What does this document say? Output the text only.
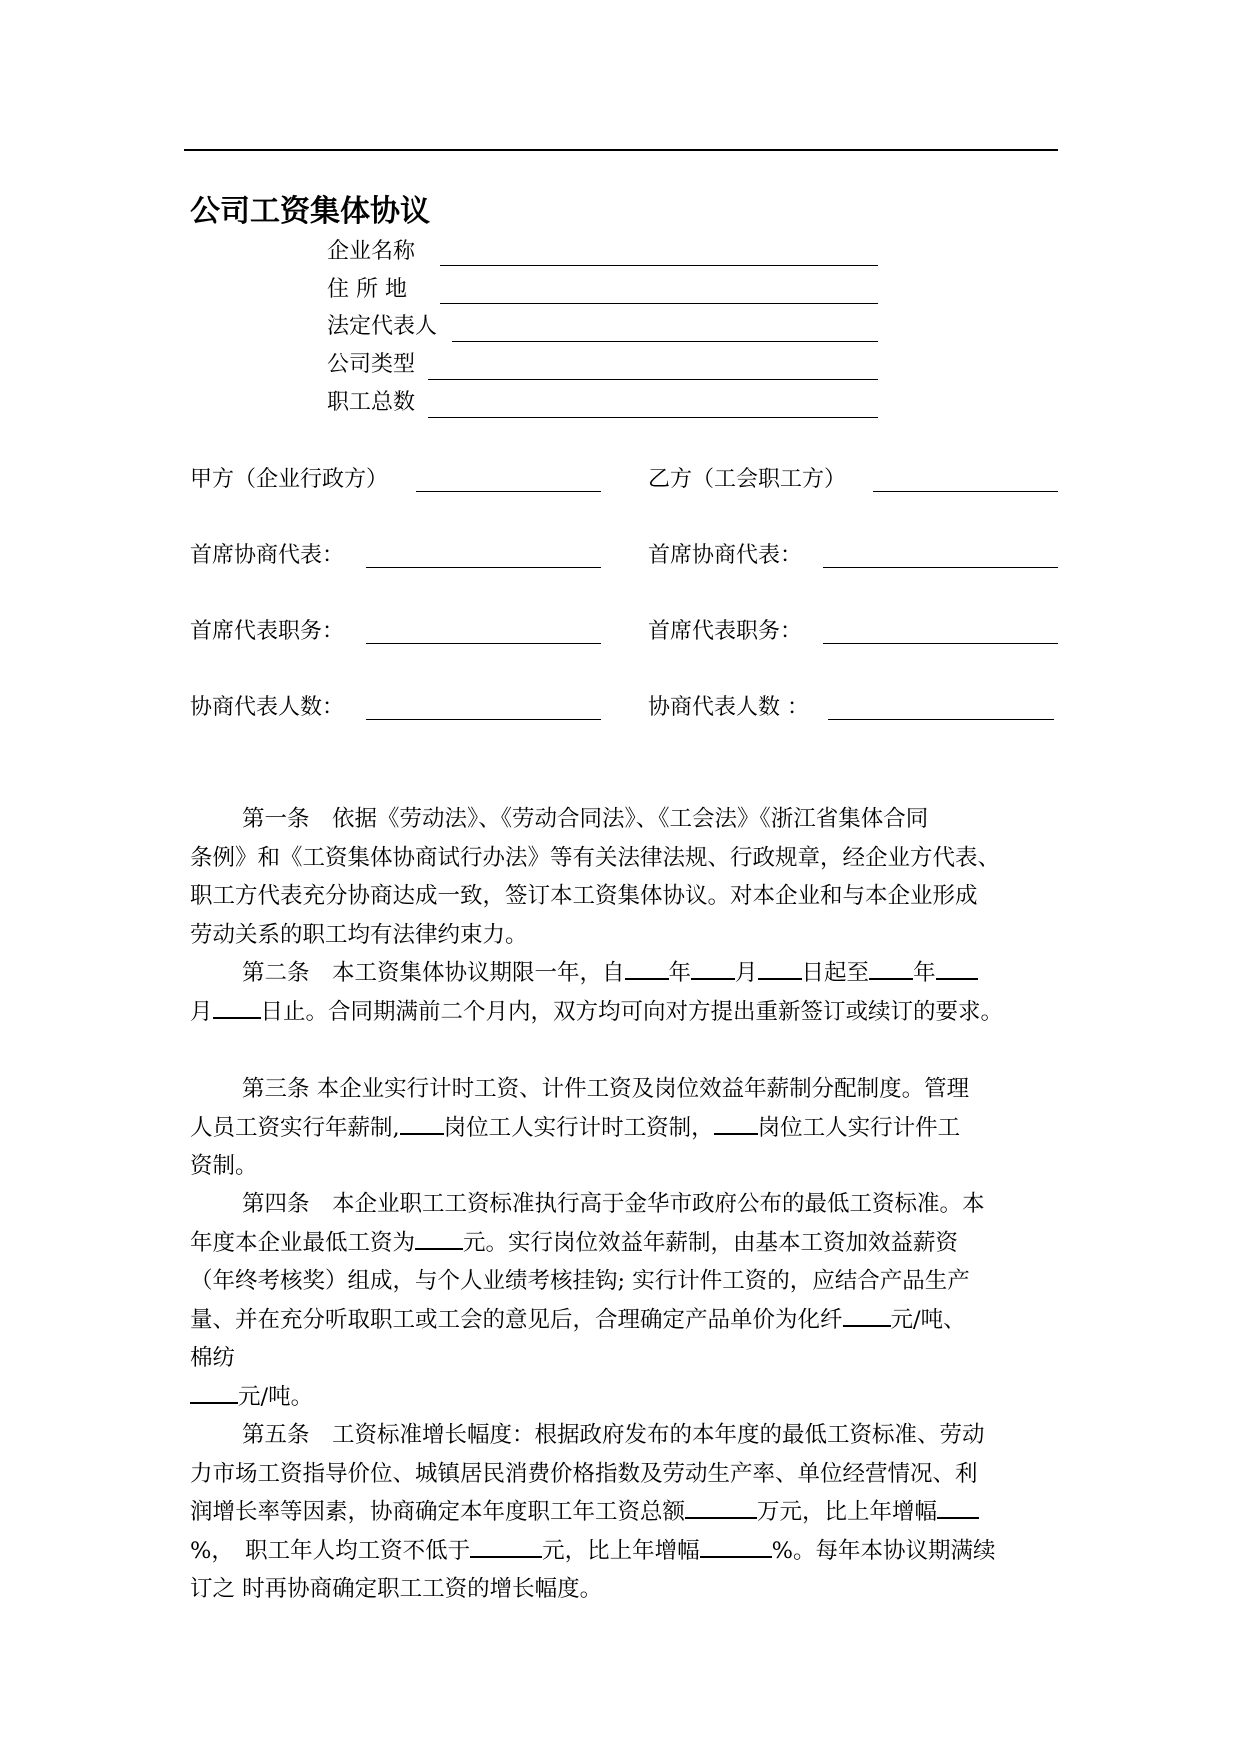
公司工资集体协议
企业名称
住 所 地
法定代表人
公司类型
职工总数
甲方（企业行政方）	乙方（工会职工方）
首席协商代表：	首席协商代表：
首席代表职务：	首席代表职务：
协商代表人数：	协商代表人数 ：
第一条　依据《劳动法》、《劳动合同法》、《工会法》《浙江省集体合同
条例》和《工资集体协商试行办法》等有关法律法规、行政规章，经企业方代表、
职工方代表充分协商达成一致，签订本工资集体协议。对本企业和与本企业形成
劳动关系的职工均有法律约束力。
第二条　本工资集体协议期限一年，自 年 月 日起至 年
月 日止。合同期满前二个月内，双方均可向对方提出重新签订或续订的要求。
第三条 本企业实行计时工资、计件工资及岗位效益年薪制分配制度。管理
人员工资实行年薪制, 岗位工人实行计时工资制， 岗位工人实行计件工
资制。
第四条　本企业职工工资标准执行高于金华市政府公布的最低工资标准。本
年度本企业最低工资为 元。实行岗位效益年薪制，由基本工资加效益薪资
（年终考核奖）组成，与个人业绩考核挂钩; 实行计件工资的，应结合产品生产
量、并在充分听取职工或工会的意见后，合理确定产品单价为化纤 元/吨、
棉纺
元/吨。
第五条　工资标准增长幅度：根据政府发布的本年度的最低工资标准、劳动
力市场工资指导价位、城镇居民消费价格指数及劳动生产率、单位经营情况、利
润增长率等因素，协商确定本年度职工年工资总额	万元，比上年增幅
%，　职工年人均工资不低于	元，比上年增幅	%。每年本协议期满续
订之 时再协商确定职工工资的增长幅度。
